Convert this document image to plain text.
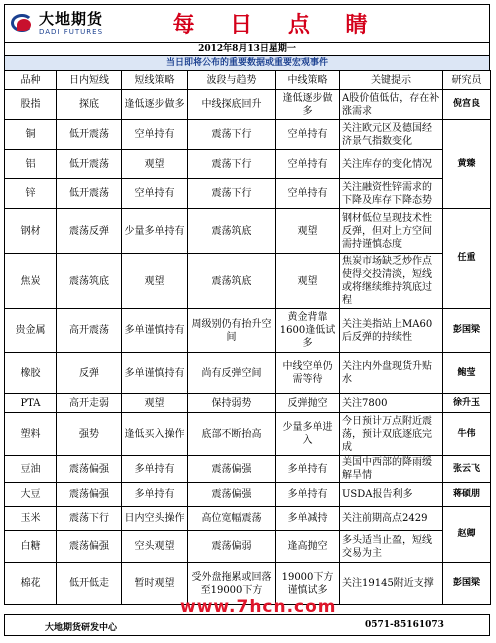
大地期货
DADI FUTURES	每 日 点 睛
2012年8月13日星期一
当日即将公布的重要数据或重要宏观事件
品种	日内短线	短线策略	波段与趋势	中线策略	关键提示	研究员
股指	探底	逢低逐步做多	中线探底回升	逢低逐步做多	A股价值低估，存在补涨需求	倪宫良
铜	低开震荡	空单持有	震荡下行	空单持有	关注欧元区及德国经济景气指数变化	黄臻
铝	低开震荡	观望	震荡下行	空单持有	关注库存的变化情况	
锌	低开震荡	空单持有	震荡下行	空单持有	关注融资性锌需求的下降及库存下降态势	
钢材	震荡反弹	少量多单持有	震荡筑底	观望	钢材低位呈现技术性反弹，但对上方空间需持谨慎态度	任重
焦炭	震荡筑底	观望	震荡筑底	观望	焦炭市场缺乏炒作点使得交投清淡，短线或将继续维持筑底过程	
贵金属	高开震荡	多单谨慎持有	周级别仍有抬升空间	黄金背靠1600逢低试多	关注美指站上MA60后反弹的持续性	彭国梁
橡胶	反弹	多单谨慎持有	尚有反弹空间	中线空单仍需等待	关注内外盘现货升贴水	鲍莹
PTA	高开走弱	观望	保持弱势	反弹抛空	关注7800	徐升玉
塑料	强势	逢低买入操作	底部不断抬高	少量多单进入	今日预计万点附近震荡，预计双底逐底完成	牛伟
豆油	震荡偏强	多单持有	震荡偏强	多单持有	美国中西部的降雨缓解旱情	张云飞
大豆	震荡偏强	多单持有	震荡偏强	多单持有	USDA报告利多	蒋硕朋
玉米	震荡下行	日内空头操作	高位宽幅震荡	多单减持	关注前期高点2429	赵卿
白糖	震荡偏强	空头观望	震荡偏弱	逢高抛空	多头适当止盈，短线交易为主	
棉花	低开低走	暂时观望	受外盘拖累或回落至19000下方	19000下方谨慎试多	关注19145附近支撑	彭国梁
大地期货研发中心	0571-85161073
www.7hcn.com
